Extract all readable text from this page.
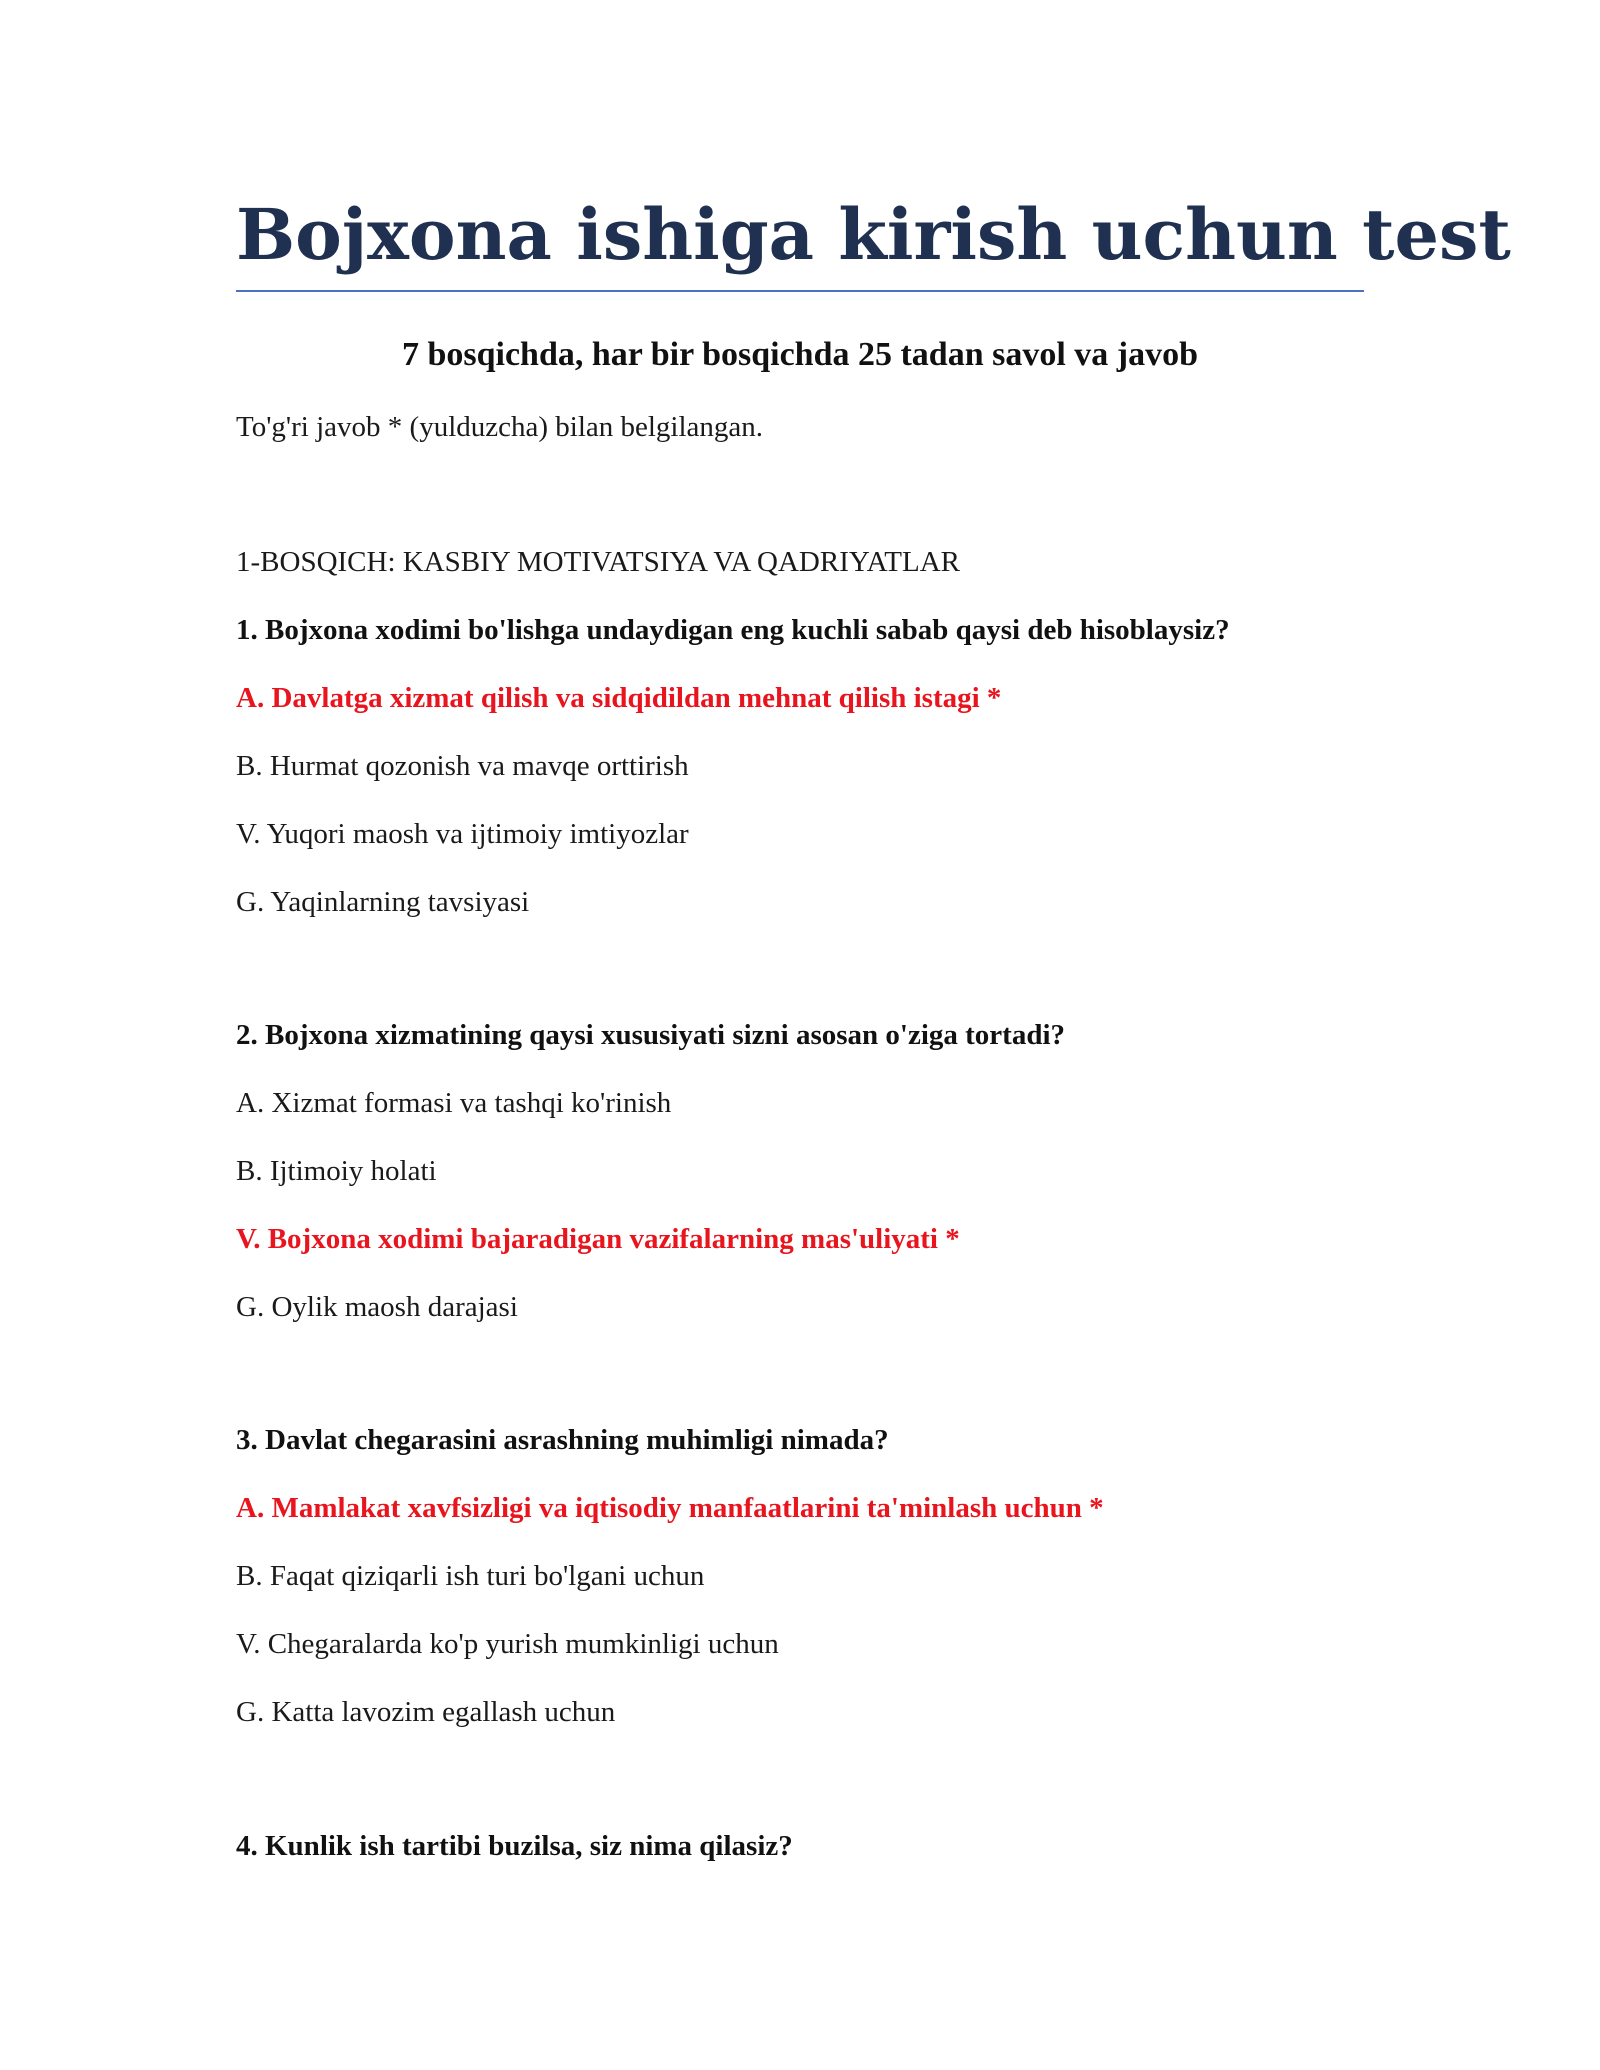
Bojxona ishiga kirish uchun test
7 bosqichda, har bir bosqichda 25 tadan savol va javob

To'g'ri javob * (yulduzcha) bilan belgilangan.

1-BOSQICH: KASBIY MOTIVATSIYA VA QADRIYATLAR

1. Bojxona xodimi bo'lishga undaydigan eng kuchli sabab qaysi deb hisoblaysiz?

A. Davlatga xizmat qilish va sidqidildan mehnat qilish istagi *

B. Hurmat qozonish va mavqe orttirish

V. Yuqori maosh va ijtimoiy imtiyozlar

G. Yaqinlarning tavsiyasi

2. Bojxona xizmatining qaysi xususiyati sizni asosan o'ziga tortadi?

A. Xizmat formasi va tashqi ko'rinish

B. Ijtimoiy holati

V. Bojxona xodimi bajaradigan vazifalarning mas'uliyati *

G. Oylik maosh darajasi

3. Davlat chegarasini asrashning muhimligi nimada?

A. Mamlakat xavfsizligi va iqtisodiy manfaatlarini ta'minlash uchun *

B. Faqat qiziqarli ish turi bo'lgani uchun

V. Chegaralarda ko'p yurish mumkinligi uchun

G. Katta lavozim egallash uchun

4. Kunlik ish tartibi buzilsa, siz nima qilasiz?
